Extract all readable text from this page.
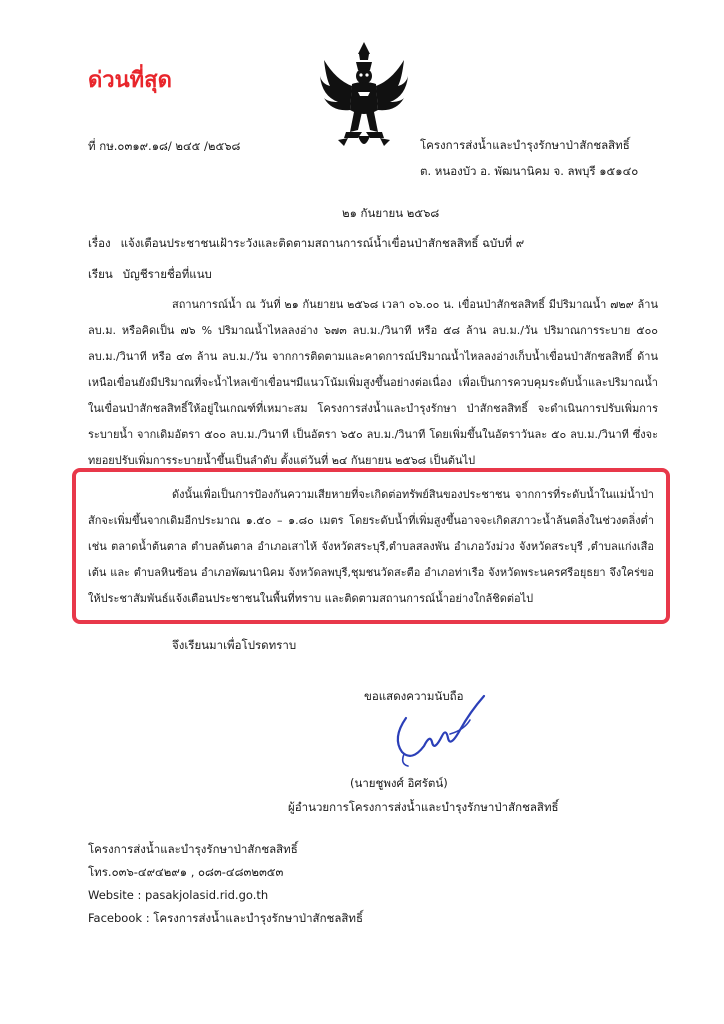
ด่วนที่สุด
ที่ กษ.๐๓๑๙.๑๘/ ๒๔๕ /๒๕๖๘	โครงการส่งน้ำและบำรุงรักษาป่าสักชลสิทธิ์
ต. หนองบัว อ. พัฒนานิคม จ. ลพบุรี ๑๕๑๔๐
๒๑ กันยายน ๒๕๖๘
เรื่อง แจ้งเตือนประชาชนเฝ้าระวังและติดตามสถานการณ์น้ำเขื่อนป่าสักชลสิทธิ์ ฉบับที่ ๙
เรียน บัญชีรายชื่อที่แนบ

สถานการณ์น้ำ ณ วันที่ ๒๑ กันยายน ๒๕๖๘ เวลา ๐๖.๐๐ น. เขื่อนป่าสักชลสิทธิ์ มีปริมาณน้ำ ๗๒๙ ล้าน ลบ.ม. หรือคิดเป็น ๗๖ % ปริมาณน้ำไหลลงอ่าง ๖๗๓ ลบ.ม./วินาที หรือ ๕๘ ล้าน ลบ.ม./วัน ปริมาณการระบาย ๕๐๐ ลบ.ม./วินาที หรือ ๔๓ ล้าน ลบ.ม./วัน จากการติดตามและคาดการณ์ปริมาณน้ำไหลลงอ่างเก็บน้ำเขื่อนป่าสักชลสิทธิ์ ด้านเหนือเขื่อนยังมีปริมาณที่จะน้ำไหลเข้าเขื่อนฯมีแนวโน้มเพิ่มสูงขึ้นอย่างต่อเนื่อง เพื่อเป็นการควบคุมระดับน้ำและปริมาณน้ำในเขื่อนป่าสักชลสิทธิ์ให้อยู่ในเกณฑ์ที่เหมาะสม โครงการส่งน้ำและบำรุงรักษา ป่าสักชลสิทธิ์ จะดำเนินการปรับเพิ่มการระบายน้ำ จากเดิมอัตรา ๕๐๐ ลบ.ม./วินาที เป็นอัตรา ๖๕๐ ลบ.ม./วินาที โดยเพิ่มขึ้นในอัตราวันละ ๕๐ ลบ.ม./วินาที ซึ่งจะทยอยปรับเพิ่มการระบายน้ำขึ้นเป็นลำดับ ตั้งแต่วันที่ ๒๔ กันยายน ๒๕๖๘ เป็นต้นไป

ดังนั้นเพื่อเป็นการป้องกันความเสียหายที่จะเกิดต่อทรัพย์สินของประชาชน จากการที่ระดับน้ำในแม่น้ำป่าสักจะเพิ่มขึ้นจากเดิมอีกประมาณ ๑.๕๐ – ๑.๘๐ เมตร โดยระดับน้ำที่เพิ่มสูงขึ้นอาจจะเกิดสภาวะน้ำล้นตลิ่งในช่วงตลิ่งต่ำ เช่น ตลาดน้ำต้นตาล ตำบลต้นตาล อำเภอเสาไห้ จังหวัดสระบุรี,ตำบลสลงพัน อำเภอวังม่วง จังหวัดสระบุรี ,ตำบลแก่งเสือเต้น และ ตำบลหินซ้อน อำเภอพัฒนานิคม จังหวัดลพบุรี,ชุมชนวัดสะตือ อำเภอท่าเรือ จังหวัดพระนครศรีอยุธยา จึงใคร่ขอให้ประชาสัมพันธ์แจ้งเตือนประชาชนในพื้นที่ทราบ และติดตามสถานการณ์น้ำอย่างใกล้ชิดต่อไป

จึงเรียนมาเพื่อโปรดทราบ
ขอแสดงความนับถือ
(นายชูพงศ์ อิศรัตน์)
ผู้อำนวยการโครงการส่งน้ำและบำรุงรักษาป่าสักชลสิทธิ์
โครงการส่งน้ำและบำรุงรักษาป่าสักชลสิทธิ์
โทร.๐๓๖-๔๙๔๒๙๑ , ๐๘๓-๔๘๓๒๓๕๓
Website : pasakjolasid.rid.go.th
Facebook : โครงการส่งน้ำและบำรุงรักษาป่าสักชลสิทธิ์
